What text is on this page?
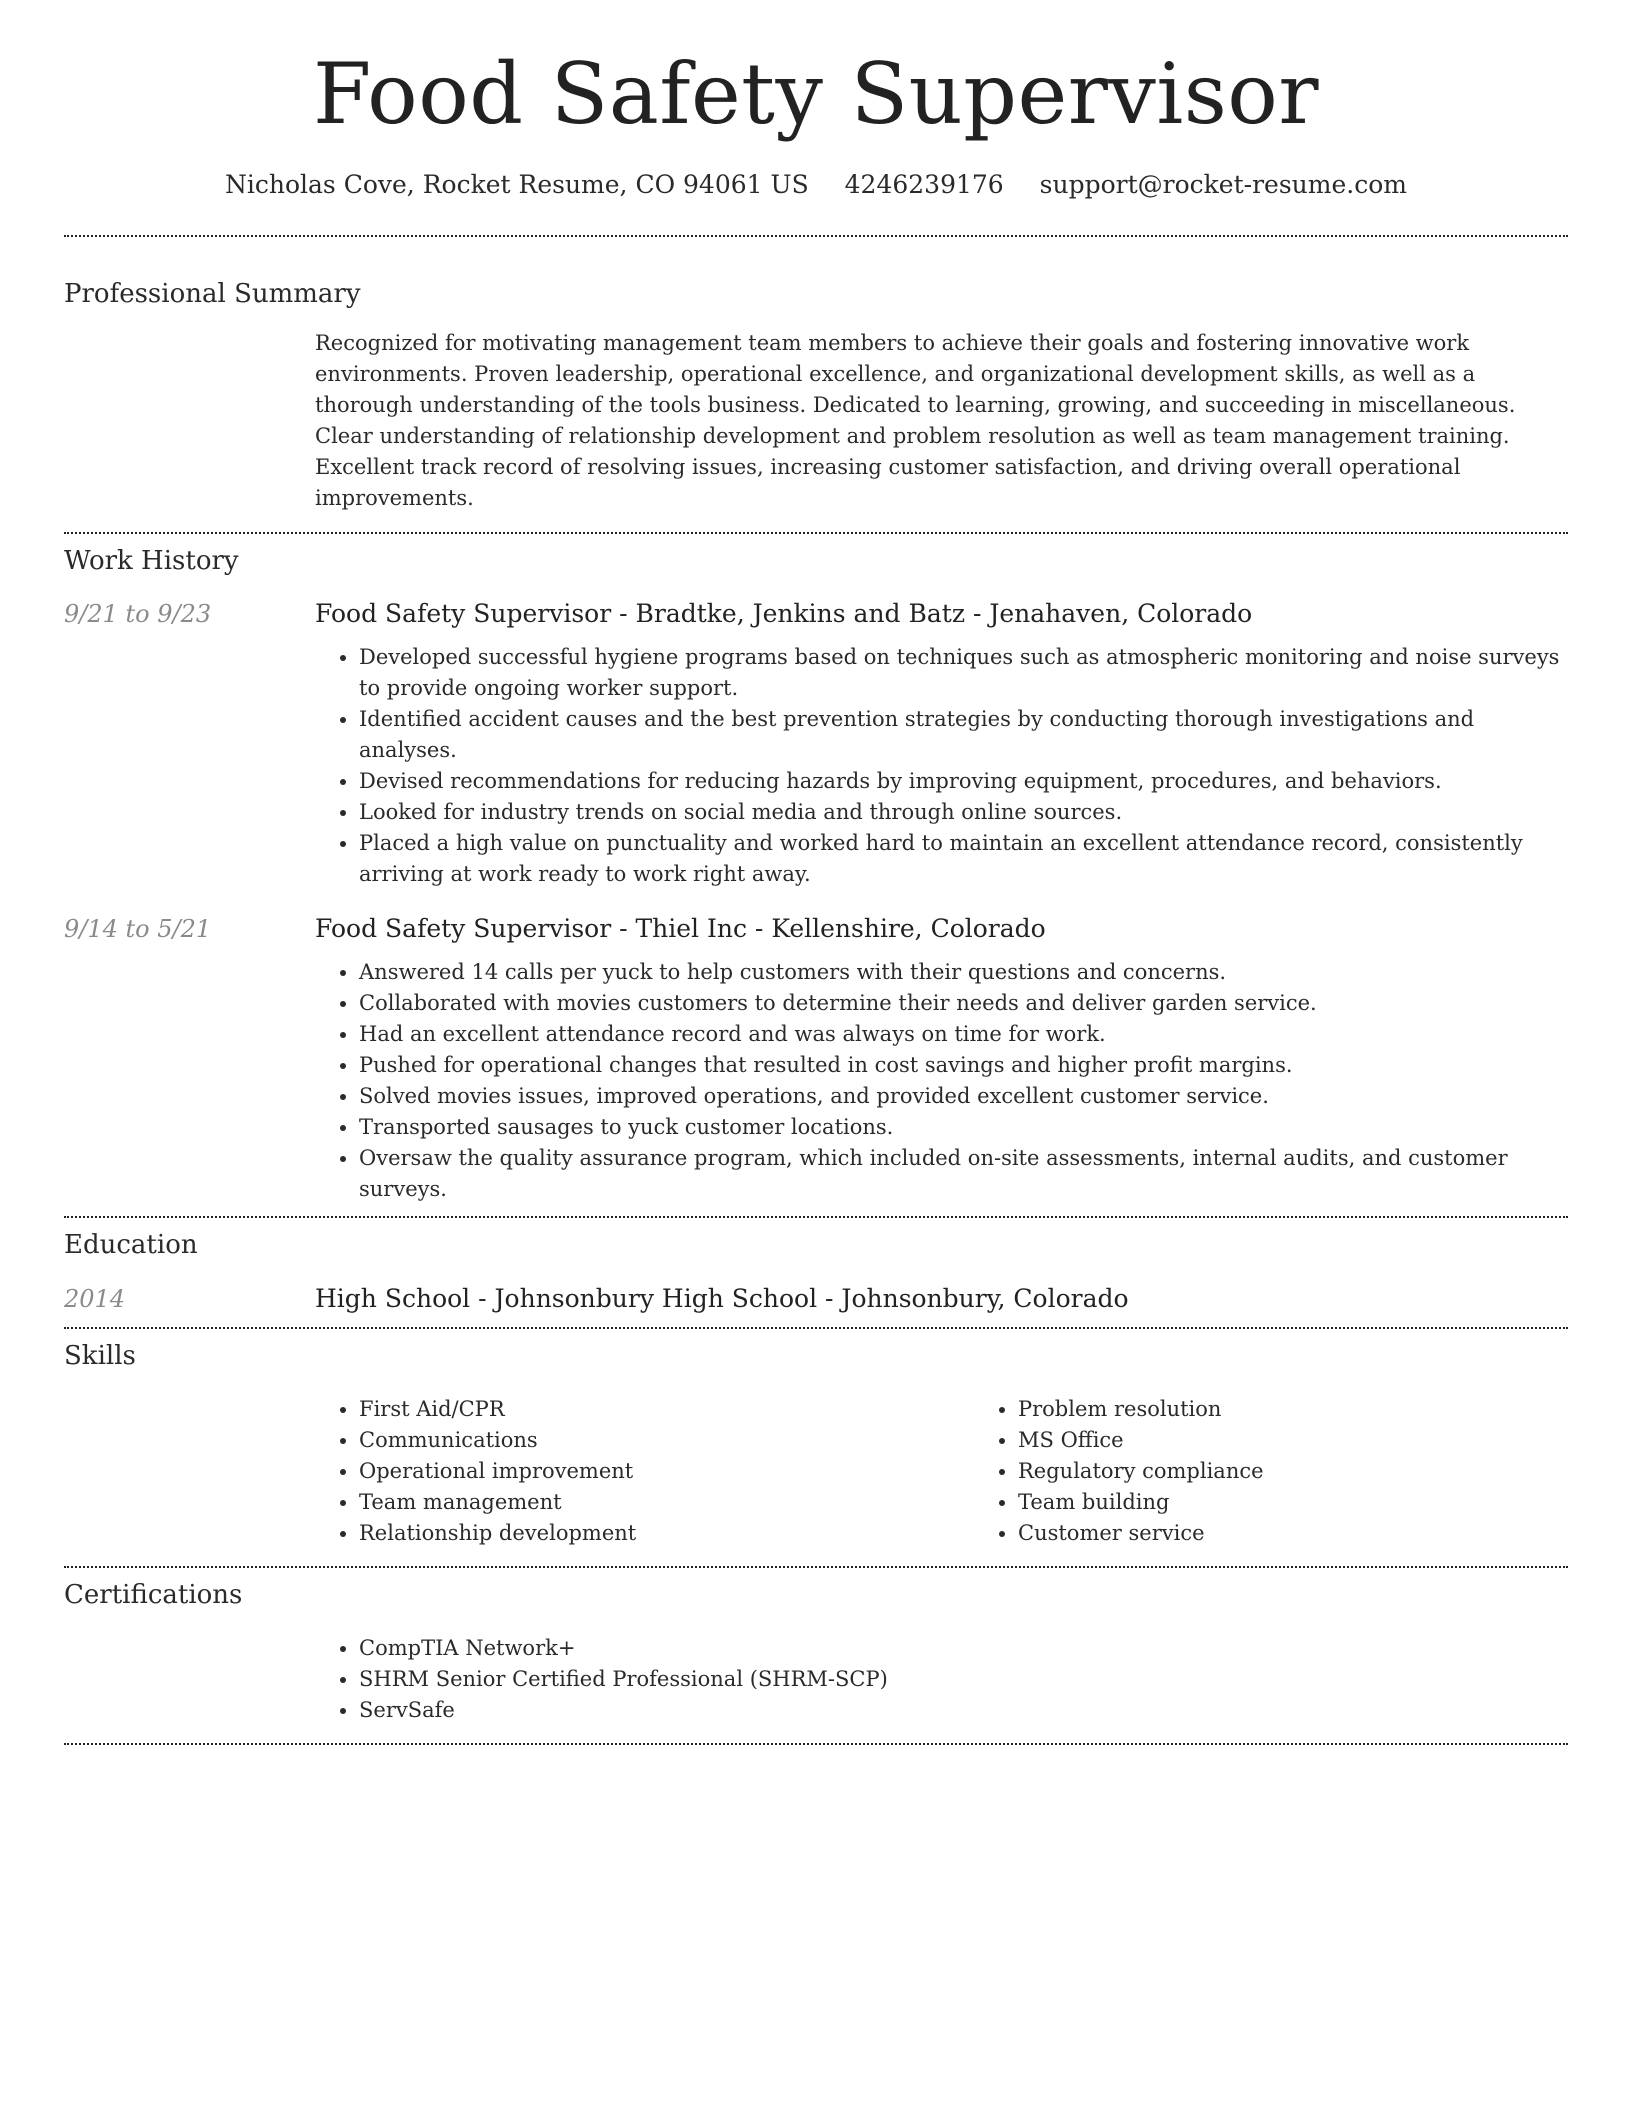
Food Safety Supervisor
Nicholas Cove, Rocket Resume, CO 94061 US 4246239176 support@rocket-resume.com
Professional Summary

Recognized for motivating management team members to achieve their goals and fostering innovative work environments. Proven leadership, operational excellence, and organizational development skills, as well as a thorough understanding of the tools business. Dedicated to learning, growing, and succeeding in miscellaneous. Clear understanding of relationship development and problem resolution as well as team management training. Excellent track record of resolving issues, increasing customer satisfaction, and driving overall operational improvements.

Work History
9/21 to 9/23	Food Safety Supervisor - Bradtke, Jenkins and Batz - Jenahaven, Colorado
• Developed successful hygiene programs based on techniques such as atmospheric monitoring and noise surveys to provide ongoing worker support.
• Identified accident causes and the best prevention strategies by conducting thorough investigations and analyses.
• Devised recommendations for reducing hazards by improving equipment, procedures, and behaviors.
• Looked for industry trends on social media and through online sources.
• Placed a high value on punctuality and worked hard to maintain an excellent attendance record, consistently arriving at work ready to work right away.
9/14 to 5/21	Food Safety Supervisor - Thiel Inc - Kellenshire, Colorado
• Answered 14 calls per yuck to help customers with their questions and concerns.
• Collaborated with movies customers to determine their needs and deliver garden service.
• Had an excellent attendance record and was always on time for work.
• Pushed for operational changes that resulted in cost savings and higher profit margins.
• Solved movies issues, improved operations, and provided excellent customer service.
• Transported sausages to yuck customer locations.
• Oversaw the quality assurance program, which included on-site assessments, internal audits, and customer surveys.
Education
2014	High School - Johnsonbury High School - Johnsonbury, Colorado
Skills
• First Aid/CPR
• Communications
• Operational improvement
• Team management
• Relationship development
• Problem resolution
• MS Office
• Regulatory compliance
• Team building
• Customer service
Certifications
• CompTIA Network+
• SHRM Senior Certified Professional (SHRM-SCP)
• ServSafe
